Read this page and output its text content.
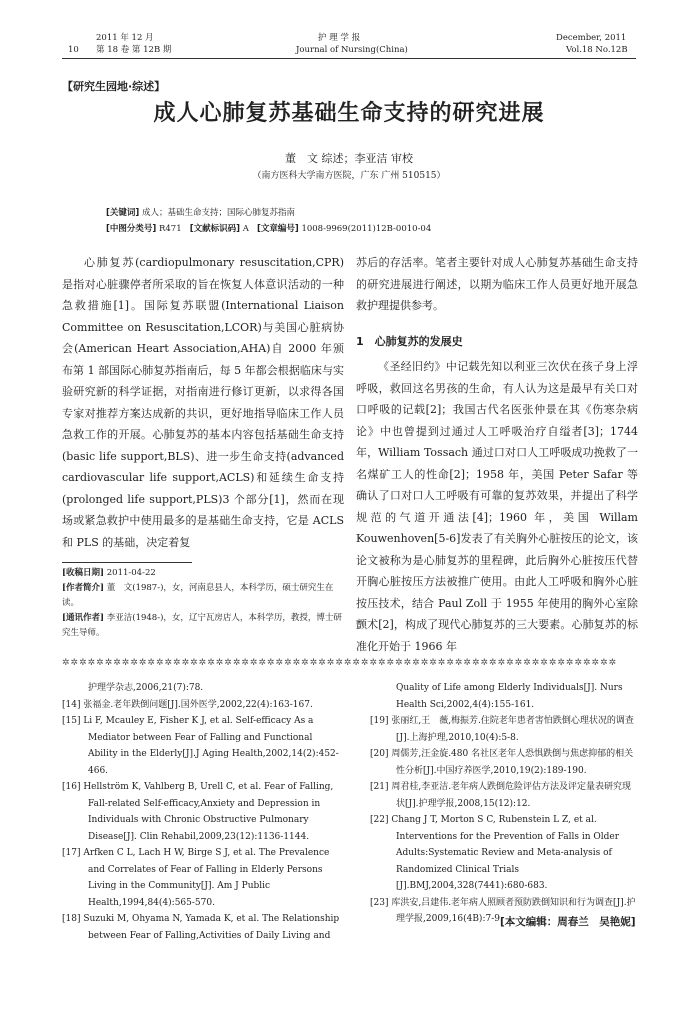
2011 年 12 月
10 第 18 卷 第 12B 期
护 理 学 报
Journal of Nursing(China)
December, 2011
Vol.18 No.12B
【研究生园地·综述】
成人心肺复苏基础生命支持的研究进展
董　文 综述；李亚洁 审校
（南方医科大学南方医院，广东 广州 510515）
[关键词] 成人；基础生命支持；国际心肺复苏指南
[中图分类号] R471 [文献标识码] A [文章编号] 1008-9969(2011)12B-0010-04

心肺复苏(cardiopulmonary resuscitation,CPR)是指对心脏骤停者所采取的旨在恢复人体意识活动的一种急救措施[1]。国际复苏联盟(International Liaison Committee on Resuscitation,LCOR)与美国心脏病协会(American Heart Association,AHA)自 2000 年颁布第 1 部国际心肺复苏指南后，每 5 年都会根据临床与实验研究新的科学证据，对指南进行修订更新，以求得各国专家对推荐方案达成新的共识，更好地指导临床工作人员急救工作的开展。心肺复苏的基本内容包括基础生命支持(basic life support,BLS)、进一步生命支持(advanced cardiovascular life support,ACLS)和延续生命支持(prolonged life support,PLS)3 个部分[1]，然而在现场或紧急救护中使用最多的是基础生命支持，它是 ACLS 和 PLS 的基础，决定着复

[收稿日期] 2011-04-22

[作者简介] 董　文(1987-)，女，河南息县人，本科学历，硕士研究生在读。

[通讯作者] 李亚洁(1948-)，女，辽宁瓦房店人，本科学历，教授，博士研究生导师。

苏后的存活率。笔者主要针对成人心肺复苏基础生命支持的研究进展进行阐述，以期为临床工作人员更好地开展急救护理提供参考。

1　心肺复苏的发展史

《圣经旧约》中记载先知以利亚三次伏在孩子身上浮呼吸，救回这名男孩的生命，有人认为这是最早有关口对口呼吸的记载[2]；我国古代名医张仲景在其《伤寒杂病论》中也曾提到过通过人工呼吸治疗自缢者[3]；1744 年，William Tossach 通过口对口人工呼吸成功挽救了一名煤矿工人的性命[2]；1958 年，美国 Peter Safar 等确认了口对口人工呼吸有可靠的复苏效果，并提出了科学规范的气道开通法[4]；1960 年，美国 Willam Kouwenhoven[5-6]发表了有关胸外心脏按压的论文，该论文被称为是心肺复苏的里程碑，此后胸外心脏按压代替开胸心脏按压方法被推广使用。由此人工呼吸和胸外心脏按压技术，结合 Paul Zoll 于 1955 年使用的胸外心室除颤术[2]，构成了现代心肺复苏的三大要素。心肺复苏的标准化开始于 1966 年

✲✲✲✲✲✲✲✲✲✲✲✲✲✲✲✲✲✲✲✲✲✲✲✲✲✲✲✲✲✲✲✲✲✲✲✲✲✲✲✲✲✲✲✲✲✲✲✲✲✲✲✲✲✲✲✲✲✲✲✲✲✲✲✲✲

护理学杂志,2006,21(7):78.

[14] 张福金.老年跌倒问题[J].国外医学,2002,22(4):163-167.

[15] Li F, Mcauley E, Fisher K J, et al. Self-efficacy As a Mediator between Fear of Falling and Functional Ability in the Elderly[J].J Aging Health,2002,14(2):452-466.

[16] Hellström K, Vahlberg B, Urell C, et al. Fear of Falling, Fall-related Self-efficacy,Anxiety and Depression in Individuals with Chronic Obstructive Pulmonary Disease[J]. Clin Rehabil,2009,23(12):1136-1144.

[17] Arfken C L, Lach H W, Birge S J, et al. The Prevalence and Correlates of Fear of Falling in Elderly Persons Living in the Community[J]. Am J Public Health,1994,84(4):565-570.

[18] Suzuki M, Ohyama N, Yamada K, et al. The Relationship between Fear of Falling,Activities of Daily Living and

Quality of Life among Elderly Individuals[J]. Nurs Health Sci,2002,4(4):155-161.

[19] 张丽红,王　薇,梅振芳.住院老年患者害怕跌倒心理状况的调查[J].上海护理,2010,10(4):5-8.

[20] 周儒芳,汪金旋.480 名社区老年人恐惧跌倒与焦虑抑郁的相关性分析[J].中国疗养医学,2010,19(2):189-190.

[21] 周君桂,李亚洁.老年病人跌倒危险评估方法及评定量表研究现状[J].护理学报,2008,15(12):12.

[22] Chang J T, Morton S C, Rubenstein L Z, et al. Interventions for the Prevention of Falls in Older Adults:Systematic Review and Meta-analysis of Randomized Clinical Trials [J].BMJ,2004,328(7441):680-683.

[23] 库洪安,吕建伟.老年病人照顾者预防跌倒知识和行为调查[J].护理学报,2009,16(4B):7-9.

[本文编辑：周春兰　吴艳妮]
